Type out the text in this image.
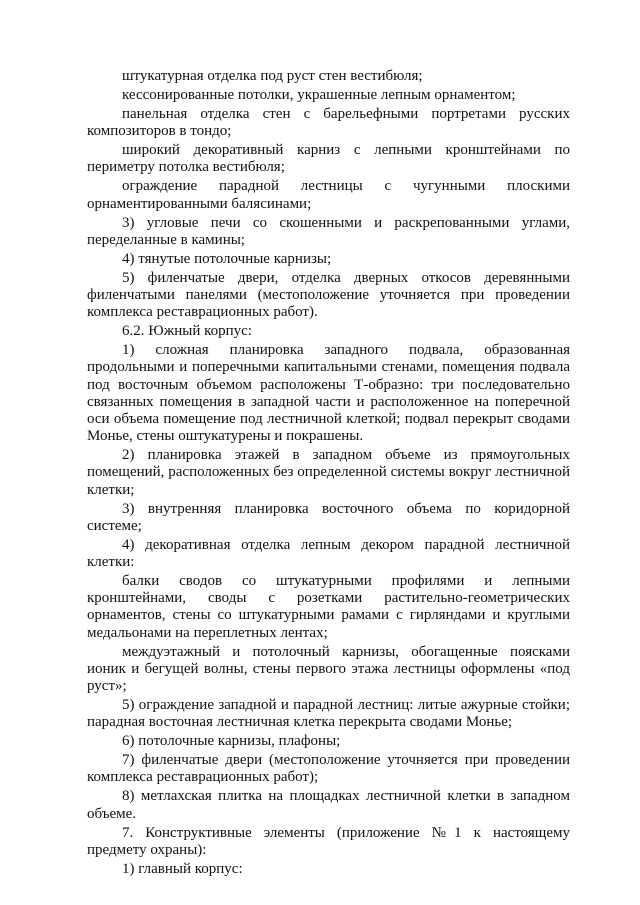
штукатурная отделка под руст стен вестибюля;

кессонированные потолки, украшенные лепным орнаментом;

панельная отделка стен с барельефными портретами русских композиторов в тондо;

широкий декоративный карниз с лепными кронштейнами по периметру потолка вестибюля;

ограждение парадной лестницы с чугунными плоскими орнаментированными балясинами;

3) угловые печи со скошенными и раскрепованными углами, переделанные в камины;

4) тянутые потолочные карнизы;

5) филенчатые двери, отделка дверных откосов деревянными филенчатыми панелями (местоположение уточняется при проведении комплекса реставрационных работ).

6.2. Южный корпус:

1) сложная планировка западного подвала, образованная продольными и поперечными капитальными стенами, помещения подвала под восточным объемом расположены Т-образно: три последовательно связанных помещения в западной части и расположенное на поперечной оси объема помещение под лестничной клеткой; подвал перекрыт сводами Монье, стены оштукатурены и покрашены.

2) планировка этажей в западном объеме из прямоугольных помещений, расположенных без определенной системы вокруг лестничной клетки;

3) внутренняя планировка восточного объема по коридорной системе;

4) декоративная отделка лепным декором парадной лестничной клетки:

балки сводов со штукатурными профилями и лепными кронштейнами, своды с розетками растительно-геометрических орнаментов, стены со штукатурными рамами с гирляндами и круглыми медальонами на переплетных лентах;

междуэтажный и потолочный карнизы, обогащенные поясками ионик и бегущей волны, стены первого этажа лестницы оформлены «под руст»;

5) ограждение западной и парадной лестниц: литые ажурные стойки; парадная восточная лестничная клетка перекрыта сводами Монье;

6) потолочные карнизы, плафоны;

7) филенчатые двери (местоположение уточняется при проведении комплекса реставрационных работ);

8) метлахская плитка на площадках лестничной клетки в западном объеме.

7. Конструктивные элементы (приложение №1 к настоящему предмету охраны):

1) главный корпус:
